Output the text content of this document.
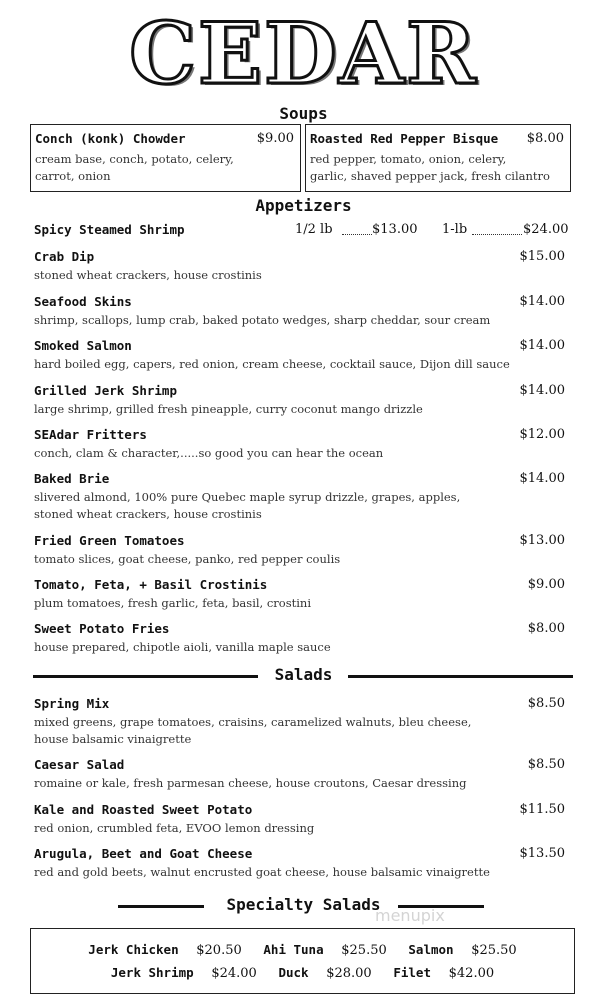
CEDAR
Soups
Conch (konk) Chowder	$9.00
cream base, conch, potato, celery,
carrot, onion
Roasted Red Pepper Bisque $8.00
red pepper, tomato, onion, celery,
garlic, shaved pepper jack, fresh cilantro
Appetizers
Spicy Steamed Shrimp	1/2 lb	$13.00 1-lb	$24.00
Crab Dip	$15.00
stoned wheat crackers, house crostinis
Seafood Skins	$14.00
shrimp, scallops, lump crab, baked potato wedges, sharp cheddar, sour cream
Smoked Salmon	$14.00
hard boiled egg, capers, red onion, cream cheese, cocktail sauce, Dijon dill sauce
Grilled Jerk Shrimp	$14.00
large shrimp, grilled fresh pineapple, curry coconut mango drizzle
SEAdar Fritters	$12.00
conch, clam & character,.....so good you can hear the ocean
Baked Brie	$14.00
slivered almond, 100% pure Quebec maple syrup drizzle, grapes, apples,
stoned wheat crackers, house crostinis
Fried Green Tomatoes	$13.00
tomato slices, goat cheese, panko, red pepper coulis
Tomato, Feta, + Basil Crostinis	$9.00
plum tomatoes, fresh garlic, feta, basil, crostini
Sweet Potato Fries	$8.00
house prepared, chipotle aioli, vanilla maple sauce
Salads
Spring Mix	$8.50
mixed greens, grape tomatoes, craisins, caramelized walnuts, bleu cheese,
house balsamic vinaigrette
Caesar Salad	$8.50
romaine or kale, fresh parmesan cheese, house croutons, Caesar dressing
Kale and Roasted Sweet Potato	$11.50
red onion, crumbled feta, EVOO lemon dressing
Arugula, Beet and Goat Cheese	$13.50
red and gold beets, walnut encrusted goat cheese, house balsamic vinaigrette
Specialty Salads
menupix
Jerk Chicken $20.50 Ahi Tuna $25.50 Salmon $25.50
Jerk Shrimp $24.00 Duck $28.00 Filet $42.00
